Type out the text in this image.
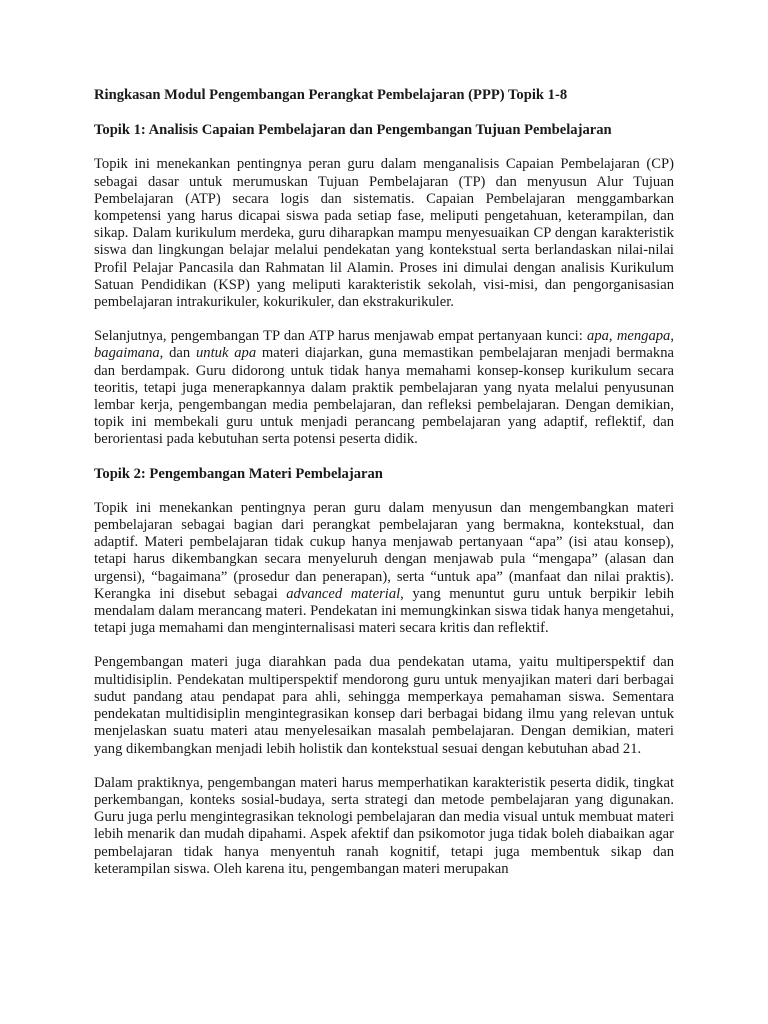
Ringkasan Modul Pengembangan Perangkat Pembelajaran (PPP) Topik 1-8
Topik 1: Analisis Capaian Pembelajaran dan Pengembangan Tujuan Pembelajaran

Topik ini menekankan pentingnya peran guru dalam menganalisis Capaian Pembelajaran (CP) sebagai dasar untuk merumuskan Tujuan Pembelajaran (TP) dan menyusun Alur Tujuan Pembelajaran (ATP) secara logis dan sistematis. Capaian Pembelajaran menggambarkan kompetensi yang harus dicapai siswa pada setiap fase, meliputi pengetahuan, keterampilan, dan sikap. Dalam kurikulum merdeka, guru diharapkan mampu menyesuaikan CP dengan karakteristik siswa dan lingkungan belajar melalui pendekatan yang kontekstual serta berlandaskan nilai-nilai Profil Pelajar Pancasila dan Rahmatan lil Alamin. Proses ini dimulai dengan analisis Kurikulum Satuan Pendidikan (KSP) yang meliputi karakteristik sekolah, visi-misi, dan pengorganisasian pembelajaran intrakurikuler, kokurikuler, dan ekstrakurikuler.

Selanjutnya, pengembangan TP dan ATP harus menjawab empat pertanyaan kunci: apa, mengapa, bagaimana, dan untuk apa materi diajarkan, guna memastikan pembelajaran menjadi bermakna dan berdampak. Guru didorong untuk tidak hanya memahami konsep-konsep kurikulum secara teoritis, tetapi juga menerapkannya dalam praktik pembelajaran yang nyata melalui penyusunan lembar kerja, pengembangan media pembelajaran, dan refleksi pembelajaran. Dengan demikian, topik ini membekali guru untuk menjadi perancang pembelajaran yang adaptif, reflektif, dan berorientasi pada kebutuhan serta potensi peserta didik.

Topik 2: Pengembangan Materi Pembelajaran

Topik ini menekankan pentingnya peran guru dalam menyusun dan mengembangkan materi pembelajaran sebagai bagian dari perangkat pembelajaran yang bermakna, kontekstual, dan adaptif. Materi pembelajaran tidak cukup hanya menjawab pertanyaan “apa” (isi atau konsep), tetapi harus dikembangkan secara menyeluruh dengan menjawab pula “mengapa” (alasan dan urgensi), “bagaimana” (prosedur dan penerapan), serta “untuk apa” (manfaat dan nilai praktis). Kerangka ini disebut sebagai advanced material, yang menuntut guru untuk berpikir lebih mendalam dalam merancang materi. Pendekatan ini memungkinkan siswa tidak hanya mengetahui, tetapi juga memahami dan menginternalisasi materi secara kritis dan reflektif.

Pengembangan materi juga diarahkan pada dua pendekatan utama, yaitu multiperspektif dan multidisiplin. Pendekatan multiperspektif mendorong guru untuk menyajikan materi dari berbagai sudut pandang atau pendapat para ahli, sehingga memperkaya pemahaman siswa. Sementara pendekatan multidisiplin mengintegrasikan konsep dari berbagai bidang ilmu yang relevan untuk menjelaskan suatu materi atau menyelesaikan masalah pembelajaran. Dengan demikian, materi yang dikembangkan menjadi lebih holistik dan kontekstual sesuai dengan kebutuhan abad 21.

Dalam praktiknya, pengembangan materi harus memperhatikan karakteristik peserta didik, tingkat perkembangan, konteks sosial-budaya, serta strategi dan metode pembelajaran yang digunakan. Guru juga perlu mengintegrasikan teknologi pembelajaran dan media visual untuk membuat materi lebih menarik dan mudah dipahami. Aspek afektif dan psikomotor juga tidak boleh diabaikan agar pembelajaran tidak hanya menyentuh ranah kognitif, tetapi juga membentuk sikap dan keterampilan siswa. Oleh karena itu, pengembangan materi merupakan
